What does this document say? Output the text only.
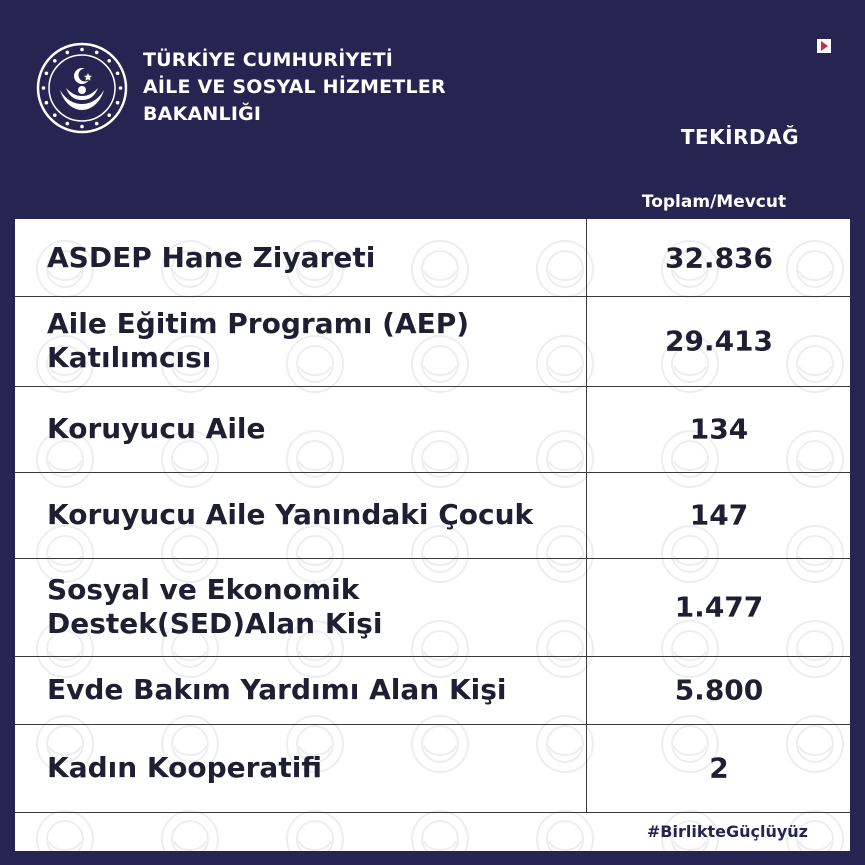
TÜRKİYE CUMHURİYETİ
AİLE VE SOSYAL HİZMETLER
BAKANLIĞI
TEKİRDAĞ
Toplam/Mevcut
ASDEP Hane Ziyareti	32.836
Aile Eğitim Programı (AEP) Katılımcısı	29.413
Koruyucu Aile	134
Koruyucu Aile Yanındaki Çocuk	147
Sosyal ve Ekonomik Destek(SED)Alan Kişi	1.477
Evde Bakım Yardımı Alan Kişi	5.800
Kadın Kooperatifi	2
#BirlikteGüçlüyüz
